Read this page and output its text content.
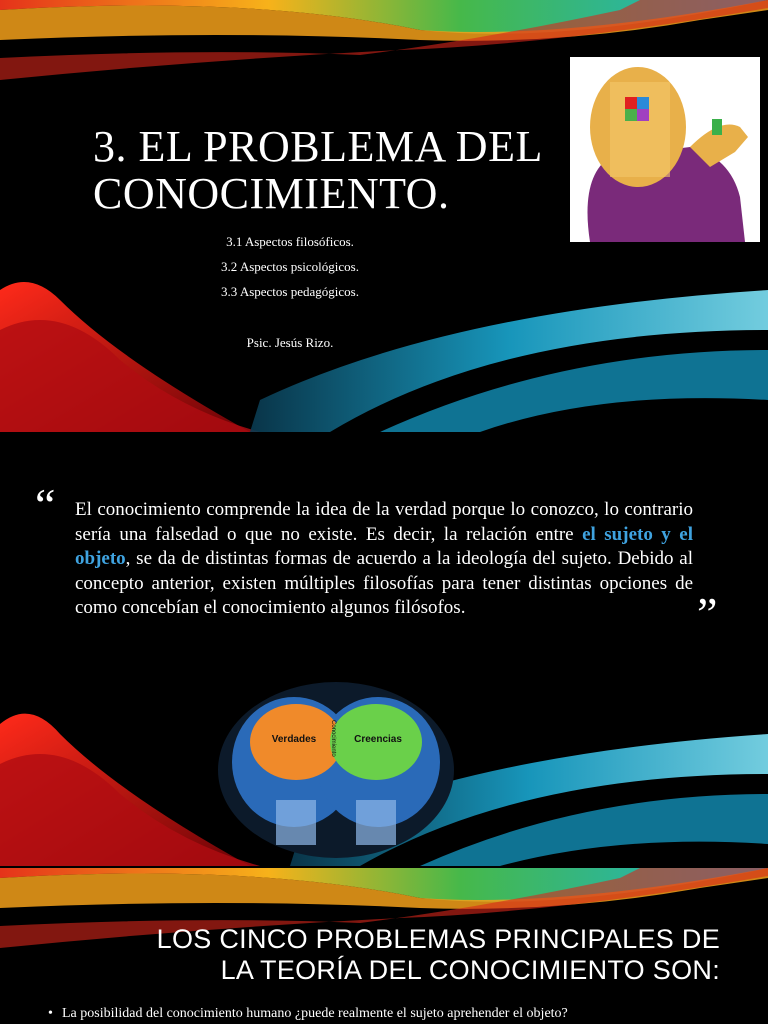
3. EL PROBLEMA DEL
CONOCIMIENTO.
3.1 Aspectos filosóficos.
3.2 Aspectos psicológicos.
3.3 Aspectos pedagógicos.
Psic. Jesús Rizo.
“ El conocimiento comprende la idea de la verdad porque lo conozco, lo contrario sería una falsedad o que no existe. Es decir, la relación entre el sujeto y el objeto, se da de distintas formas de acuerdo a la ideología del sujeto. Debido al concepto anterior, existen múltiples filosofías para tener distintas opciones de como concebían el conocimiento algunos filósofos.	”
Verdades	Creencias
Conocimiento
LOS CINCO PROBLEMAS PRINCIPALES DE
LA TEORÍA DEL CONOCIMIENTO SON:
• La posibilidad del conocimiento humano ¿puede realmente el sujeto aprehender el objeto?
